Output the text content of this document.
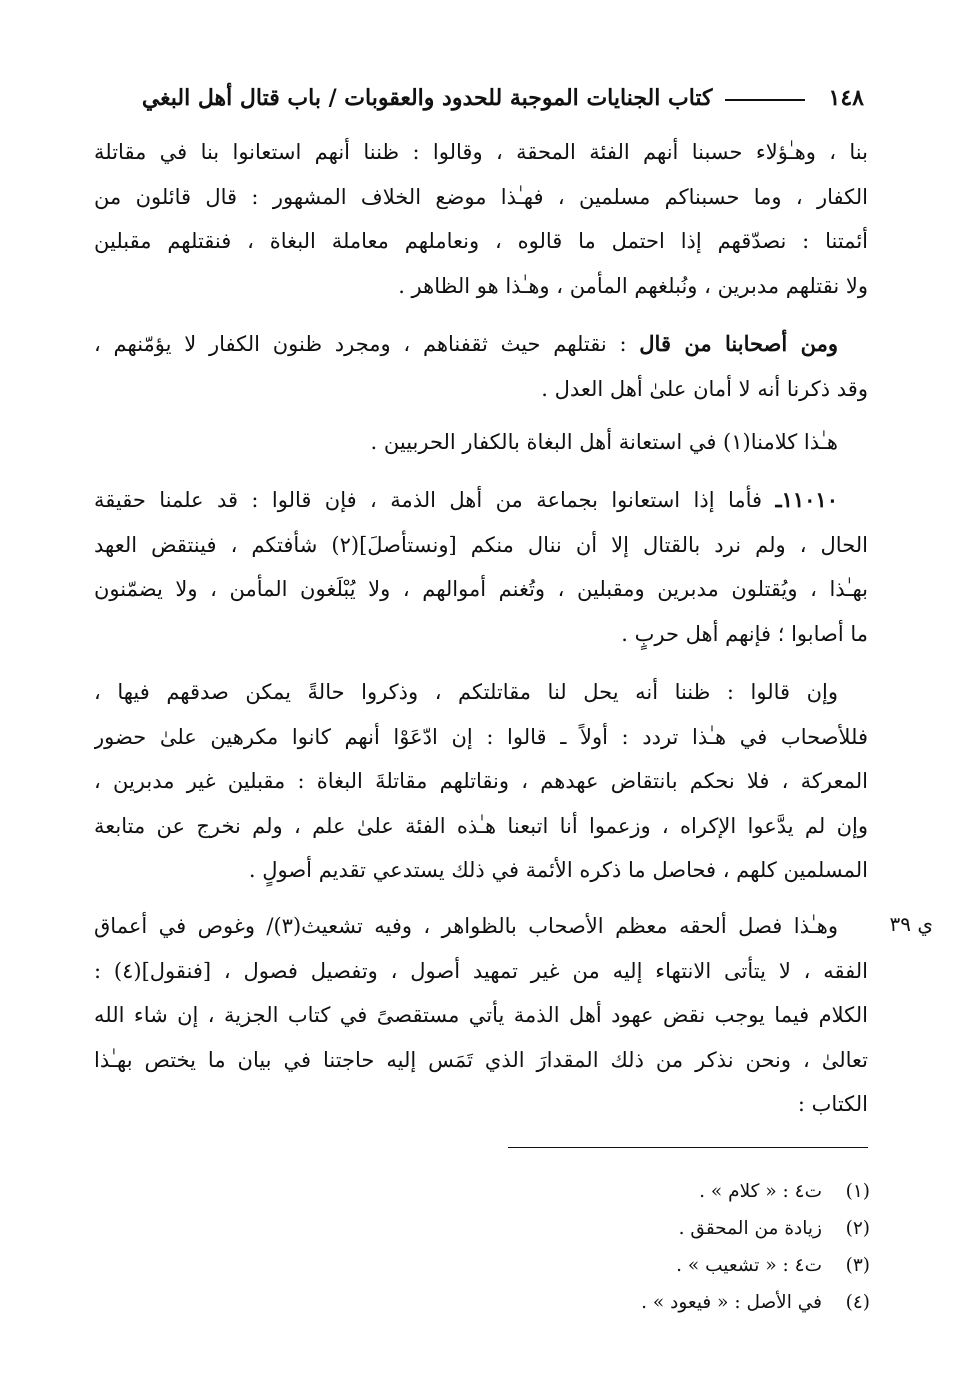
١٤٨
كتاب الجنايات الموجبة للحدود والعقوبات / باب قتال أهل البغي
بنا ، وهـٰؤلاء حسبنا أنهم الفئة المحقة ، وقالوا : ظننا أنهم استعانوا بنا في مقاتلة
الكفار ، وما حسبناكم مسلمين ، فهـٰذا موضع الخلاف المشهور : قال قائلون من
أئمتنا : نصدّقهم إذا احتمل ما قالوه ، ونعاملهم معاملة البغاة ، فنقتلهم مقبلين
ولا نقتلهم مدبرين ، ونُبلغهم المأمن ، وهـٰذا هو الظاهر .
ومن أصحابنا من قال : نقتلهم حيث ثقفناهم ، ومجرد ظنون الكفار لا يؤمّنهم ،
وقد ذكرنا أنه لا أمان علىٰ أهل العدل .
هـٰذا كلامنا(١) في استعانة أهل البغاة بالكفار الحربيين .
١١٠١٠ـ فأما إذا استعانوا بجماعة من أهل الذمة ، فإن قالوا : قد علمنا حقيقة
الحال ، ولم نرد بالقتال إلا أن ننال منكم [ونستأصلَ](٢) شأفتكم ، فينتقض العهد
بهـٰذا ، ويُقتلون مدبرين ومقبلين ، وتُغنم أموالهم ، ولا يُبْلَغون المأمن ، ولا يضمّنون
ما أصابوا ؛ فإنهم أهل حربٍ .
وإن قالوا : ظننا أنه يحل لنا مقاتلتكم ، وذكروا حالةً يمكن صدقهم فيها ،
فللأصحاب في هـٰذا تردد : أولاً ـ قالوا : إن ادّعَوْا أنهم كانوا مكرهين علىٰ حضور
المعركة ، فلا نحكم بانتقاض عهدهم ، ونقاتلهم مقاتلةَ البغاة : مقبلين غير مدبرين ،
وإن لم يدَّعوا الإكراه ، وزعموا أنا اتبعنا هـٰذه الفئة علىٰ علم ، ولم نخرج عن متابعة
المسلمين كلهم ، فحاصل ما ذكره الأئمة في ذلك يستدعي تقديم أصولٍ .
وهـٰذا فصل ألحقه معظم الأصحاب بالظواهر ، وفيه تشعيث(٣)/ وغوص في أعماق
الفقه ، لا يتأتى الانتهاء إليه من غير تمهيد أصول ، وتفصيل فصول ، [فنقول](٤) :
الكلام فيما يوجب نقض عهود أهل الذمة يأتي مستقصىً في كتاب الجزية ، إن شاء الله
تعالىٰ ، ونحن نذكر من ذلك المقدارَ الذي تَمَس إليه حاجتنا في بيان ما يختص بهـٰذا
الكتاب :
ي ٣٩
(١)
ت٤ : « كلام » .
(٢)
زيادة من المحقق .
(٣)
ت٤ : « تشعيب » .
(٤)
في الأصل : « فيعود » .
